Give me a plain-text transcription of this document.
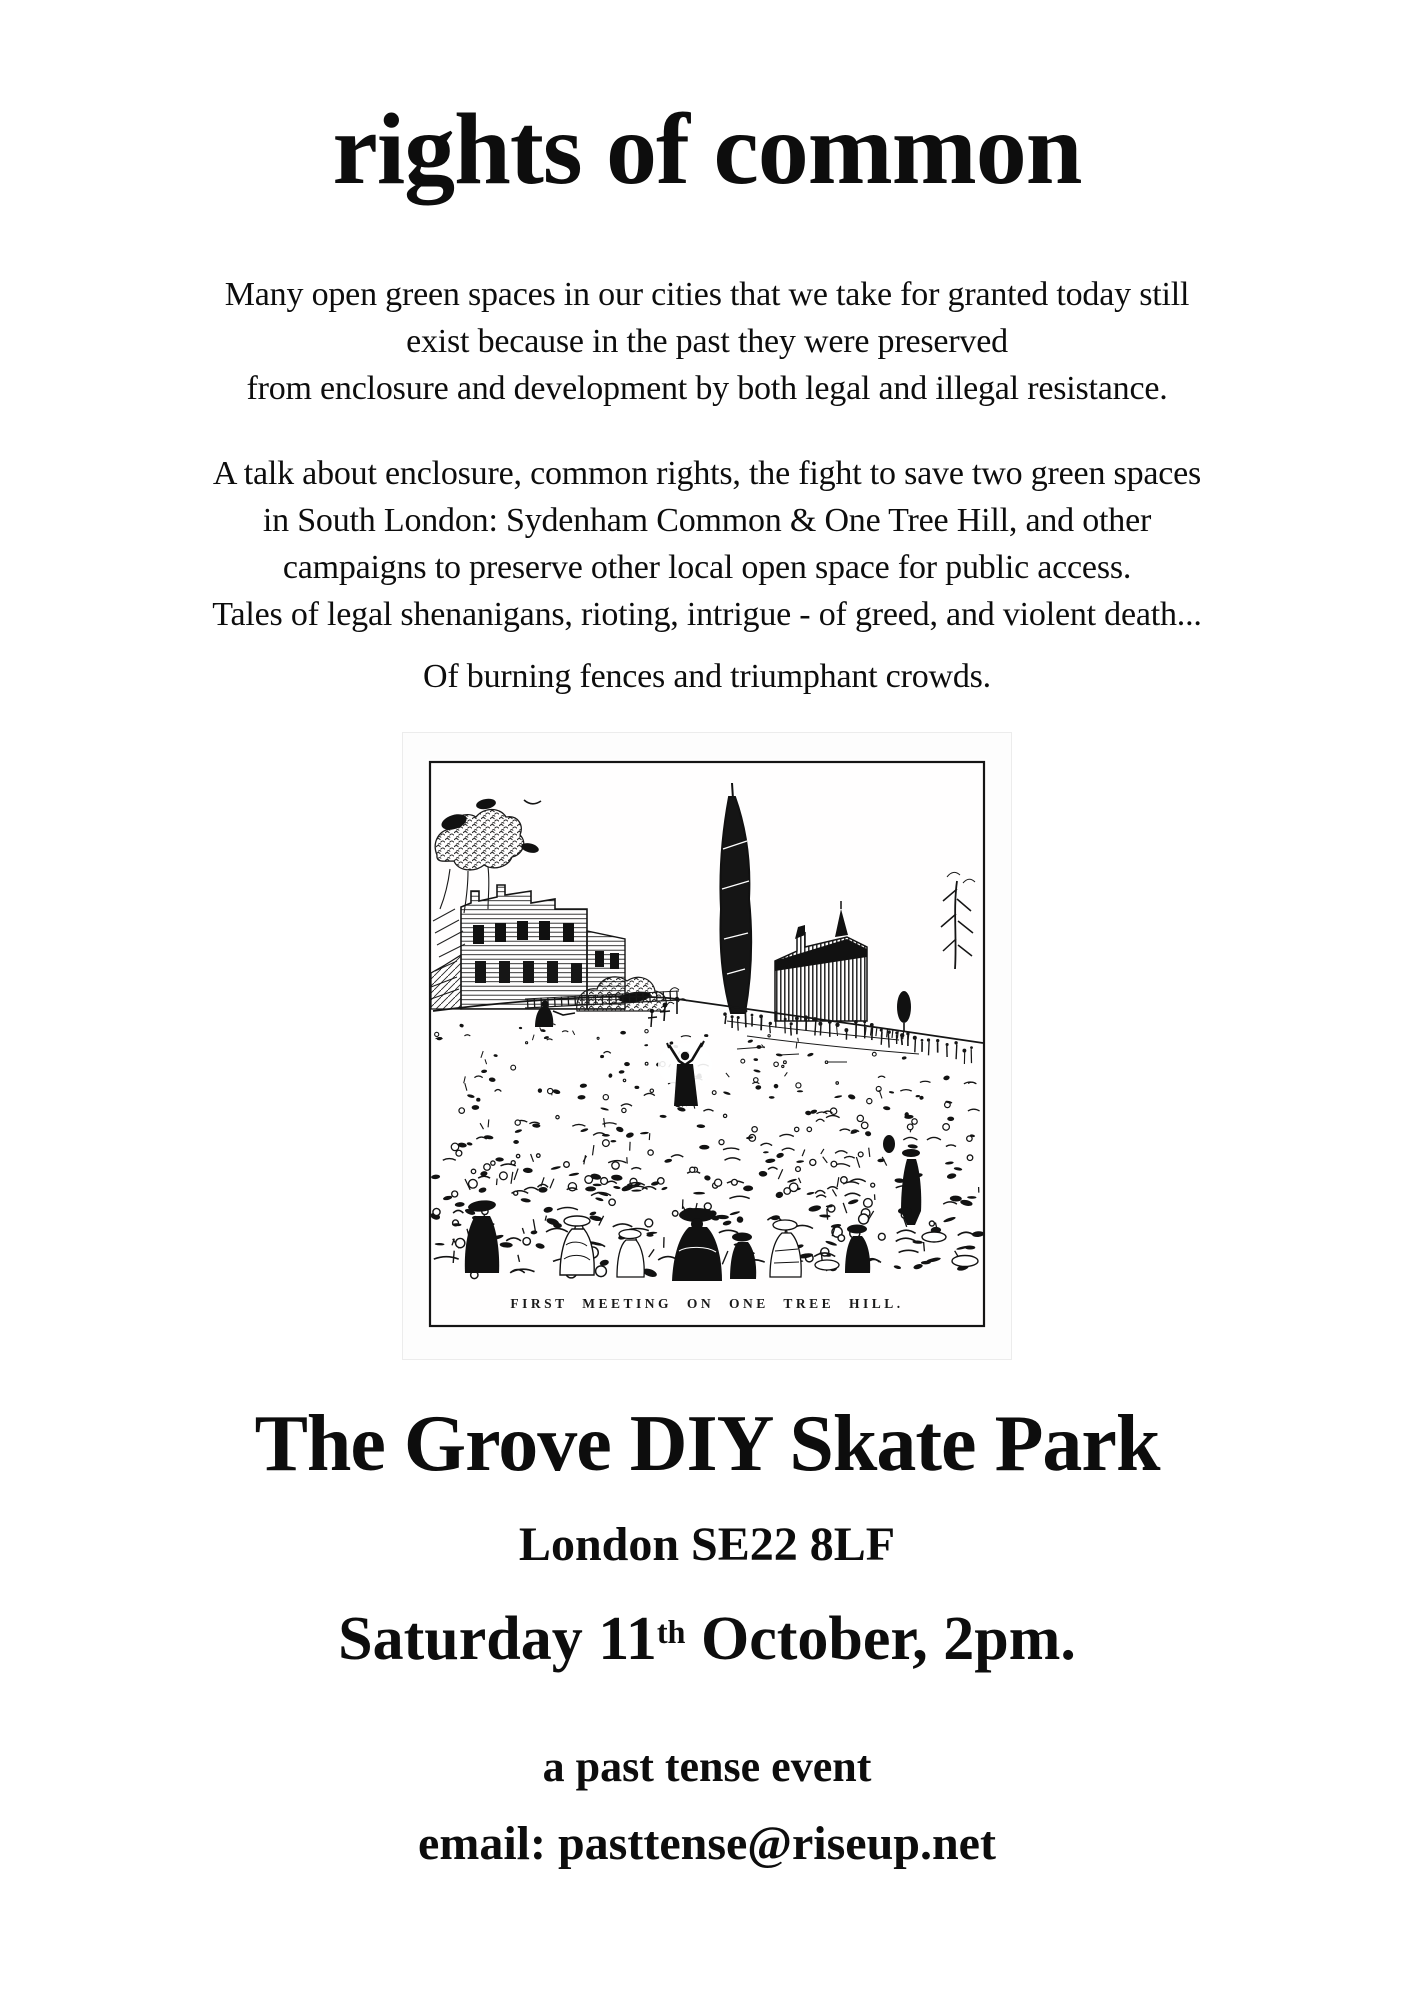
rights of common

Many open green spaces in our cities that we take for granted today still
exist because in the past they were preserved
from enclosure and development by both legal and illegal resistance.

A talk about enclosure, common rights, the fight to save two green spaces
in South London: Sydenham Common & One Tree Hill, and other
campaigns to preserve other local open space for public access.
Tales of legal shenanigans, rioting, intrigue - of greed, and violent death...

Of burning fences and triumphant crowds.

FIRST MEETING ON ONE TREE HILL.
The Grove DIY Skate Park
London SE22 8LF
Saturday 11th October, 2pm.
a past tense event
email: pasttense@riseup.net
